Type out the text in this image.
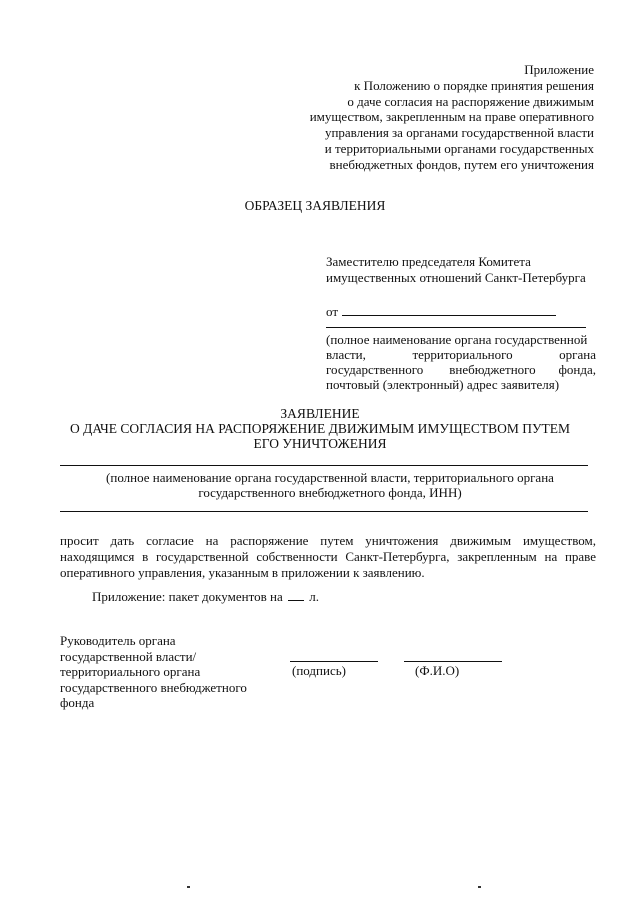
Приложение
к Положению о порядке принятия решения
о даче согласия на распоряжение движимым
имуществом, закрепленным на праве оперативного
управления за органами государственной власти
и территориальными органами государственных
внебюджетных фондов, путем его уничтожения
ОБРАЗЕЦ ЗАЯВЛЕНИЯ
Заместителю председателя Комитета
имущественных отношений Санкт-Петербурга
от
(полное наименование органа государственной
власти,          территориального          органа
государственного        внебюджетного       фонда,
почтовый (электронный) адрес заявителя)
ЗАЯВЛЕНИЕ
О ДАЧЕ СОГЛАСИЯ НА РАСПОРЯЖЕНИЕ ДВИЖИМЫМ ИМУЩЕСТВОМ ПУТЕМ
ЕГО УНИЧТОЖЕНИЯ
(полное наименование органа государственной власти, территориального органа
государственного внебюджетного фонда, ИНН)
просит дать согласие на распоряжение путем уничтожения движимым имуществом,
находящимся в государственной собственности Санкт-Петербурга, закрепленным на праве
оперативного управления, указанным в приложении к заявлению.
Приложение: пакет документов на л.
Руководитель органа
государственной власти/
территориального органа
государственного внебюджетного
фонда
(подпись)	(Ф.И.О)
